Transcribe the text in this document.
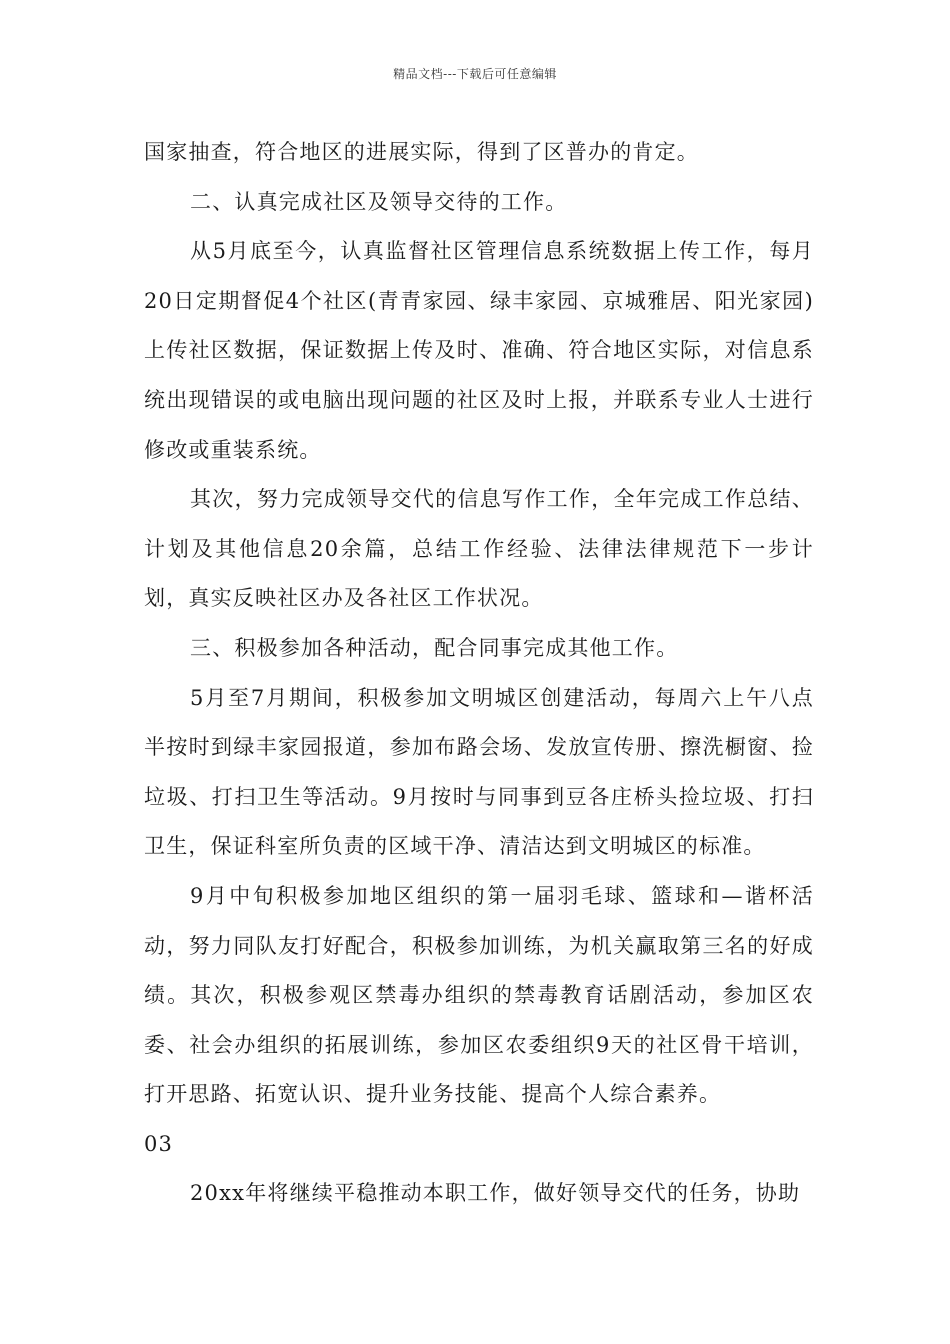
精品文档---下载后可任意编辑

国家抽查，符合地区的进展实际，得到了区普办的肯定。

二、认真完成社区及领导交待的工作。

从5月底至今，认真监督社区管理信息系统数据上传工作，每月20日定期督促4个社区(青青家园、绿丰家园、京城雅居、阳光家园)上传社区数据，保证数据上传及时、准确、符合地区实际，对信息系统出现错误的或电脑出现问题的社区及时上报，并联系专业人士进行修改或重装系统。

其次，努力完成领导交代的信息写作工作，全年完成工作总结、计划及其他信息20余篇，总结工作经验、法律法律规范下一步计划，真实反映社区办及各社区工作状况。

三、积极参加各种活动，配合同事完成其他工作。

5月至7月期间，积极参加文明城区创建活动，每周六上午八点半按时到绿丰家园报道，参加布路会场、发放宣传册、擦洗橱窗、捡垃圾、打扫卫生等活动。9月按时与同事到豆各庄桥头捡垃圾、打扫卫生，保证科室所负责的区域干净、清洁达到文明城区的标准。

9月中旬积极参加地区组织的第一届羽毛球、篮球和—谐杯活动，努力同队友打好配合，积极参加训练，为机关赢取第三名的好成绩。其次，积极参观区禁毒办组织的禁毒教育话剧活动，参加区农委、社会办组织的拓展训练，参加区农委组织9天的社区骨干培训，打开思路、拓宽认识、提升业务技能、提高个人综合素养。

03

20xx年将继续平稳推动本职工作，做好领导交代的任务，协助
